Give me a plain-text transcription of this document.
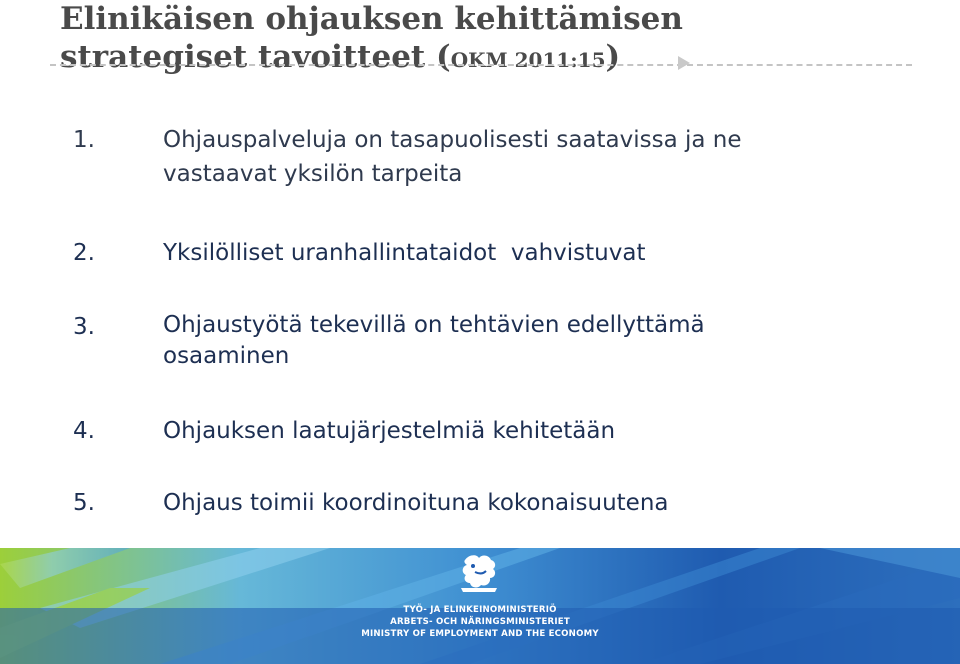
Elinikäisen ohjauksen kehittämisen
strategiset tavoitteet (OKM 2011:15)
1.	Ohjauspalveluja on tasapuolisesti saatavissa ja ne vastaavat yksilön tarpeita
2.	Yksilölliset uranhallintataidot  vahvistuvat
3.	Ohjaustyötä tekevillä on tehtävien edellyttämä osaaminen
4.	Ohjauksen laatujärjestelmiä kehitetään
5.	Ohjaus toimii koordinoituna kokonaisuutena
TYÖ- JA ELINKEINOMINISTERIÖ
ARBETS- OCH NÄRINGSMINISTERIET
MINISTRY OF EMPLOYMENT AND THE ECONOMY
